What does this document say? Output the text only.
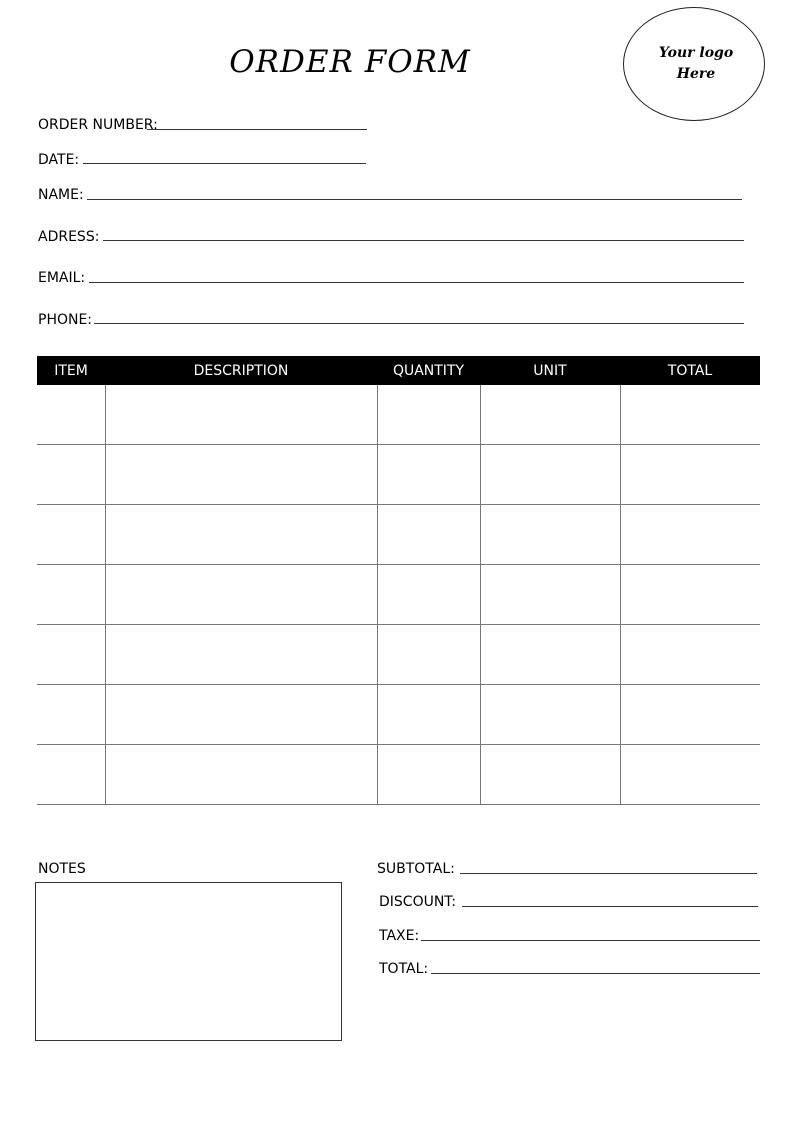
ORDER FORM	Your logo
Here
ORDER NUMBER:
DATE:
NAME:
ADRESS:
EMAIL:
PHONE:
ITEM	DESCRIPTION	QUANTITY	UNIT	TOTAL

NOTES	SUBTOTAL:
DISCOUNT:
TAXE:
TOTAL:
